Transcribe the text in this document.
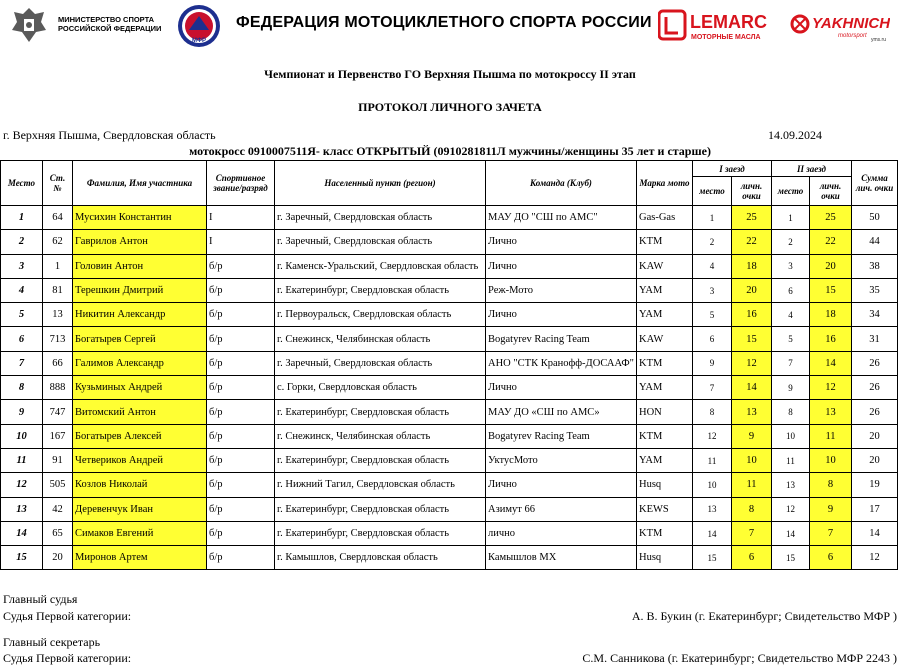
МИНИСТЕРСТВО СПОРТА
РОССИЙСКОЙ ФЕДЕРАЦИИ
МФР
ФЕДЕРАЦИЯ МОТОЦИКЛЕТНОГО СПОРТА РОССИИ LEMARC
МОТОРНЫЕ МАСЛА
YAKHNICH
motorsport
yms.ru
Чемпионат и Первенство ГО Верхняя Пышма по мотокроссу II этап
ПРОТОКОЛ ЛИЧНОГО ЗАЧЕТА
г. Верхняя Пышма, Свердловская область	14.09.2024
мотокросс 0910007511Я- класс ОТКРЫТЫЙ (0910281811Л мужчины/женщины 35 лет и старше)
Место	Ст. №	Фамилия, Имя участника	Спортивное звание/разряд	Населенный пункт (регион)	Команда (Клуб)	Марка мото	I заезд		II заезд		Сумма лич. очки
							место	личн. очки	место	личн. очки	
1	64	Мусихин Константин	I	г. Заречный, Свердловская область	МАУ ДО "СШ по АМС"	Gas-Gas	1	25	1	25	50
2	62	Гаврилов Антон	I	г. Заречный, Свердловская область	Лично	KTM	2	22	2	22	44
3	1	Головин Антон	б/р	г. Каменск-Уральский, Свердловская область	Лично	KAW	4	18	3	20	38
4	81	Терешкин Дмитрий	б/р	г. Екатеринбург, Свердловская область	Реж-Мото	YAM	3	20	6	15	35
5	13	Никитин Александр	б/р	г. Первоуральск, Свердловская область	Лично	YAM	5	16	4	18	34
6	713	Богатырев Сергей	б/р	г. Снежинск, Челябинская область	Bogatyrev Racing Team	KAW	6	15	5	16	31
7	66	Галимов Александр	б/р	г. Заречный, Свердловская область	АНО "СТК Кранофф-ДОСААФ"	KTM	9	12	7	14	26
8	888	Кузьминых Андрей	б/р	с. Горки, Свердловская область	Лично	YAM	7	14	9	12	26
9	747	Витомский Антон	б/р	г. Екатеринбург, Свердловская область	МАУ ДО «СШ по АМС»	HON	8	13	8	13	26
10	167	Богатырев Алексей	б/р	г. Снежинск, Челябинская область	Bogatyrev Racing Team	KTM	12	9	10	11	20
11	91	Четвериков Андрей	б/р	г. Екатеринбург, Свердловская область	УктусМото	YAM	11	10	11	10	20
12	505	Козлов Николай	б/р	г. Нижний Тагил, Свердловская область	Лично	Husq	10	11	13	8	19
13	42	Деревенчук Иван	б/р	г. Екатеринбург, Свердловская область	Азимут 66	KEWS	13	8	12	9	17
14	65	Симаков Евгений	б/р	г. Екатеринбург, Свердловская область	лично	KTM	14	7	14	7	14
15	20	Миронов Артем	б/р	г. Камышлов, Свердловская область	Камышлов МХ	Husq	15	6	15	6	12
Главный судья
Судья Первой категории:	А. В. Букин (г. Екатеринбург; Свидетельство МФР )
Главный секретарь
Судья Первой категории:	С.М. Санникова (г. Екатеринбург; Свидетельство МФР 2243 )
